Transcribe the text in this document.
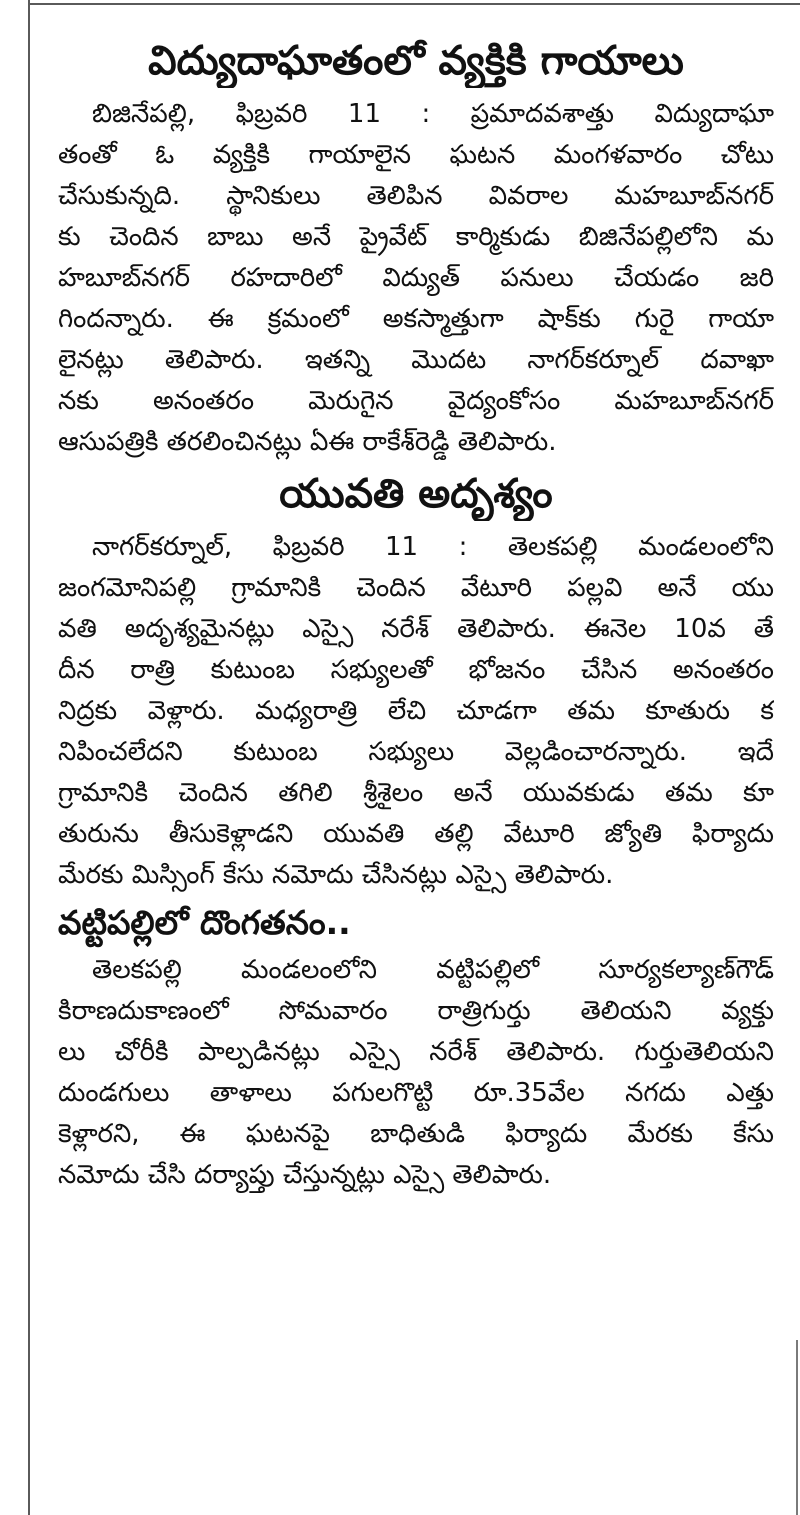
విద్యుదాఘాతంలో వ్యక్తికి గాయాలు
బిజినేపల్లి, ఫిబ్రవరి 11 : ప్రమాదవశాత్తు విద్యుదాఘా
తంతో ఓ వ్యక్తికి గాయాలైన ఘటన మంగళవారం చోటు
చేసుకున్నది. స్థానికులు తెలిపిన వివరాల మహబూబ్‌నగర్
కు చెందిన బాబు అనే ప్రైవేట్ కార్మికుడు బిజినేపల్లిలోని మ
హబూబ్‌నగర్ రహదారిలో విద్యుత్ పనులు చేయడం జరి
గిందన్నారు. ఈ క్రమంలో అకస్మాత్తుగా షాక్‌కు గురై గాయా
లైనట్లు తెలిపారు. ఇతన్ని మొదట నాగర్‌కర్నూల్ దవాఖా
నకు అనంతరం మెరుగైన వైద్యంకోసం మహబూబ్‌నగర్
ఆసుపత్రికి తరలించినట్లు ఏఈ రాకేశ్‌రెడ్డి తెలిపారు.
యువతి అదృశ్యం
నాగర్‌కర్నూల్, ఫిబ్రవరి 11 : తెలకపల్లి మండలంలోని
జంగమోనిపల్లి గ్రామానికి చెందిన వేటూరి పల్లవి అనే యు
వతి అదృశ్యమైనట్లు ఎస్సై నరేశ్ తెలిపారు. ఈనెల 10వ తే
దీన రాత్రి కుటుంబ సభ్యులతో భోజనం చేసిన అనంతరం
నిద్రకు వెళ్లారు. మధ్యరాత్రి లేచి చూడగా తమ కూతురు క
నిపించలేదని కుటుంబ సభ్యులు వెల్లడించారన్నారు. ఇదే
గ్రామానికి చెందిన తగిలి శ్రీశైలం అనే యువకుడు తమ కూ
తురును తీసుకెళ్లాడని యువతి తల్లి వేటూరి జ్యోతి ఫిర్యాదు
మేరకు మిస్సింగ్ కేసు నమోదు చేసినట్లు ఎస్సై తెలిపారు.
వట్టిపల్లిలో దొంగతనం..
తెలకపల్లి మండలంలోని వట్టిపల్లిలో సూర్యకల్యాణ్‌గౌడ్
కిరాణదుకాణంలో సోమవారం రాత్రిగుర్తు తెలియని వ్యక్తు
లు చోరీకి పాల్పడినట్లు ఎస్సై నరేశ్ తెలిపారు. గుర్తుతెలియని
దుండగులు తాళాలు పగులగొట్టి రూ.35వేల నగదు ఎత్తు
కెళ్లారని, ఈ ఘటనపై బాధితుడి ఫిర్యాదు మేరకు కేసు
నమోదు చేసి దర్యాప్తు చేస్తున్నట్లు ఎస్సై తెలిపారు.
